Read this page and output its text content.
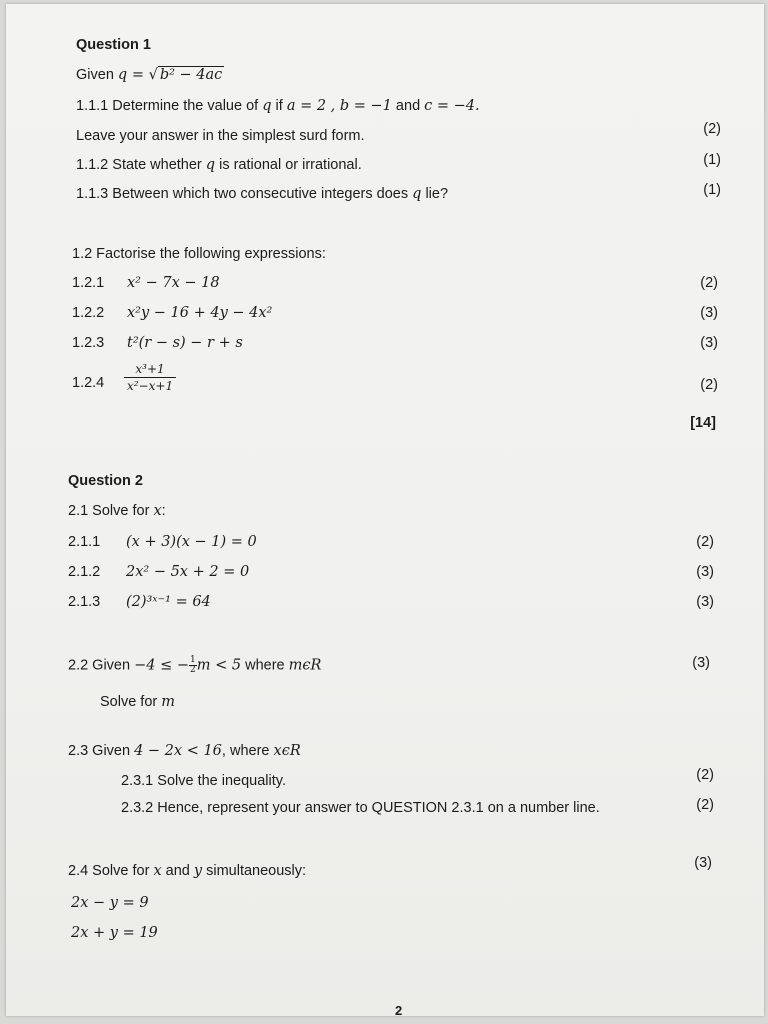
Question 1
Given q = √ b² − 4ac
1.1.1 Determine the value of q if a = 2 , b = −1 and c = −4.
Leave your answer in the simplest surd form.	(2)
1.1.2 State whether q is rational or irrational.	(1)
1.1.3 Between which two consecutive integers does q lie?	(1)
1.2 Factorise the following expressions:
1.2.1 x² − 7x − 18	(2)
1.2.2 x²y − 16 + 4y − 4x²	(3)
1.2.3 t²(r − s) − r + s	(3)
$1.2.4 \frac{\text{x³+1}}{\text{x²−x+1}}$	(2)
[14]
Question 2
2.1 Solve for x:
2.1.1 (x + 3)(x − 1) = 0	(2)
2.1.2 2x² − 5x + 2 = 0	(3)
2.1.3 (2)³ˣ⁻¹ = 64	(3)
2.2 Given −4 ≤ − $\frac{1}{2}$ m < 5 where mϵR	(3)
Solve for m
2.3 Given 4 − 2x < 16, where xϵR
2.3.1 Solve the inequality.	(2)
2.3.2 Hence, represent your answer to QUESTION 2.3.1 on a number line.	(2)
2.4 Solve for x and y simultaneously:	(3)
2x − y = 9
2x + y = 19
2
